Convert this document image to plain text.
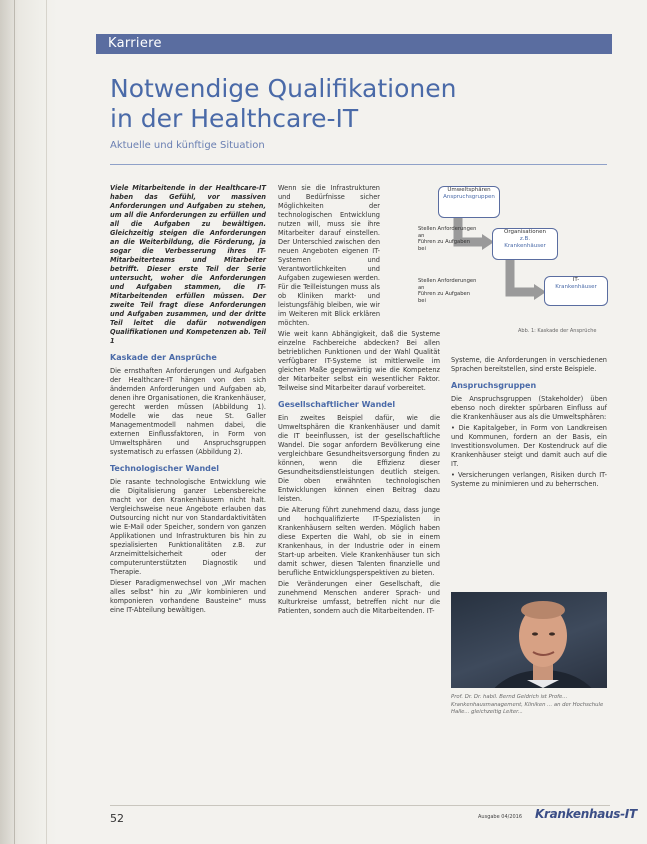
Karriere
Notwendige Qualifikationen
in der Healthcare-IT
Aktuelle und künftige Situation

Viele Mitarbeitende in der Healthcare-IT haben das Gefühl, vor massiven Anforderungen und Aufgaben zu stehen, um all die Anforderungen zu erfüllen und all die Aufgaben zu bewältigen. Gleichzeitig steigen die Anforderungen an die Weiterbildung, die Förderung, ja sogar die Verbesserung ihres IT-Mitarbeiterteams und Mitarbeiter betrifft. Dieser erste Teil der Serie untersucht, woher die Anforderungen und Aufgaben stammen, die IT-Mitarbeitenden erfüllen müssen. Der zweite Teil fragt diese Anforderungen und Aufgaben zusammen, und der dritte Teil leitet die dafür notwendigen Qualifikationen und Kompetenzen ab. Teil 1

Kaskade der Ansprüche

Die ernsthaften Anforderungen und Aufgaben der Healthcare-IT hängen von den sich ändernden Anforderungen und Aufgaben ab, denen ihre Organisationen, die Krankenhäuser, gerecht werden müssen (Abbildung 1). Modelle wie das neue St. Galler Managementmodell nahmen dabei, die externen Einflussfaktoren, in Form von Umweltsphären und Anspruchsgruppen systematisch zu erfassen (Abbildung 2).

Technologischer Wandel

Die rasante technologische Entwicklung wie die Digitalisierung ganzer Lebensbereiche macht vor den Krankenhäusern nicht halt. Vergleichsweise neue Angebote erlauben das Outsourcing nicht nur von Standardaktivitäten wie E-Mail oder Speicher, sondern von ganzen Applikationen und Infrastrukturen bis hin zu spezialisierten Funktionalitäten z.B. zur Arzneimittelsicherheit oder der computerunterstützten Diagnostik und Therapie.

Dieser Paradigmenwechsel von „Wir machen alles selbst“ hin zu „Wir kombinieren und komponieren vorhandene Bausteine“ muss eine IT-Abteilung bewältigen.

Wenn sie die Infrastrukturen und Bedürfnisse sicher Möglichkeiten der technologischen Entwicklung nutzen will, muss sie ihre Mitarbeiter darauf einstellen. Der Unterschied zwischen den neuen Angeboten eigenen IT-Systemen und Verantwortlichkeiten und Aufgaben zugewiesen werden. Für die Teilleistungen muss als ob Kliniken markt- und leistungsfähig bleiben, wie wir im Weiteren mit Blick erklären möchten.

Wie weit kann Abhängigkeit, daß die Systeme einzelne Fachbereiche abdecken? Bei allen betrieblichen Funktionen und der Wahl Qualität verfügbarer IT-Systeme ist mittlerweile im gleichen Maße gegenwärtig wie die Kompetenz der Mitarbeiter selbst ein wesentlicher Faktor. Teilweise sind Mitarbeiter darauf vorbereitet.

Gesellschaftlicher Wandel

Ein zweites Beispiel dafür, wie die Umweltsphären die Krankenhäuser und damit die IT beeinflussen, ist der gesellschaftliche Wandel. Die sogar anfordern Bevölkerung eine vergleichbare Gesundheitsversorgung finden zu können, wenn die Effizienz dieser Gesundheitsdienstleistungen deutlich steigen. Die oben erwähnten technologischen Entwicklungen können einen Beitrag dazu leisten.

Die Alterung führt zunehmend dazu, dass junge und hochqualifizierte IT-Spezialisten in Krankenhäusern selten werden. Möglich haben diese Experten die Wahl, ob sie in einem Krankenhaus, in der Industrie oder in einem Start-up arbeiten. Viele Krankenhäuser tun sich damit schwer, diesen Talenten finanzielle und berufliche Entwicklungsperspektiven zu bieten.

Die Veränderungen einer Gesellschaft, die zunehmend Menschen anderer Sprach- und Kulturkreise umfasst, betreffen nicht nur die Patienten, sondern auch die Mitarbeitenden. IT-

Umweltsphären
Anspruchsgruppen
Organisationen
z.B.
Krankenhäuser
IT-
Krankenhäuser
Stellen Anforderungen
an
Führen zu Aufgaben
bei
Stellen Anforderungen
an
Führen zu Aufgaben
bei
Abb. 1: Kaskade der Ansprüche

Systeme, die Anforderungen in verschiedenen Sprachen bereitstellen, sind erste Beispiele.

Anspruchsgruppen

Die Anspruchsgruppen (Stakeholder) üben ebenso noch direkter spürbaren Einfluss auf die Krankenhäuser aus als die Umweltsphären:

• Die Kapitalgeber, in Form von Landkreisen und Kommunen, fordern an der Basis, ein Investitionsvolumen. Der Kostendruck auf die Krankenhäuser steigt und damit auch auf die IT.

• Versicherungen verlangen, Risiken durch IT-Systeme zu minimieren und zu beherrschen.

Prof. Dr. Dr. habil. Bernd Geldrich ist Profe... Krankenhausmanagement, Kliniken ... an der Hochschule Halle... gleichzeitig Leiter...
52	Ausgabe 04/2016 Krankenhaus-IT
